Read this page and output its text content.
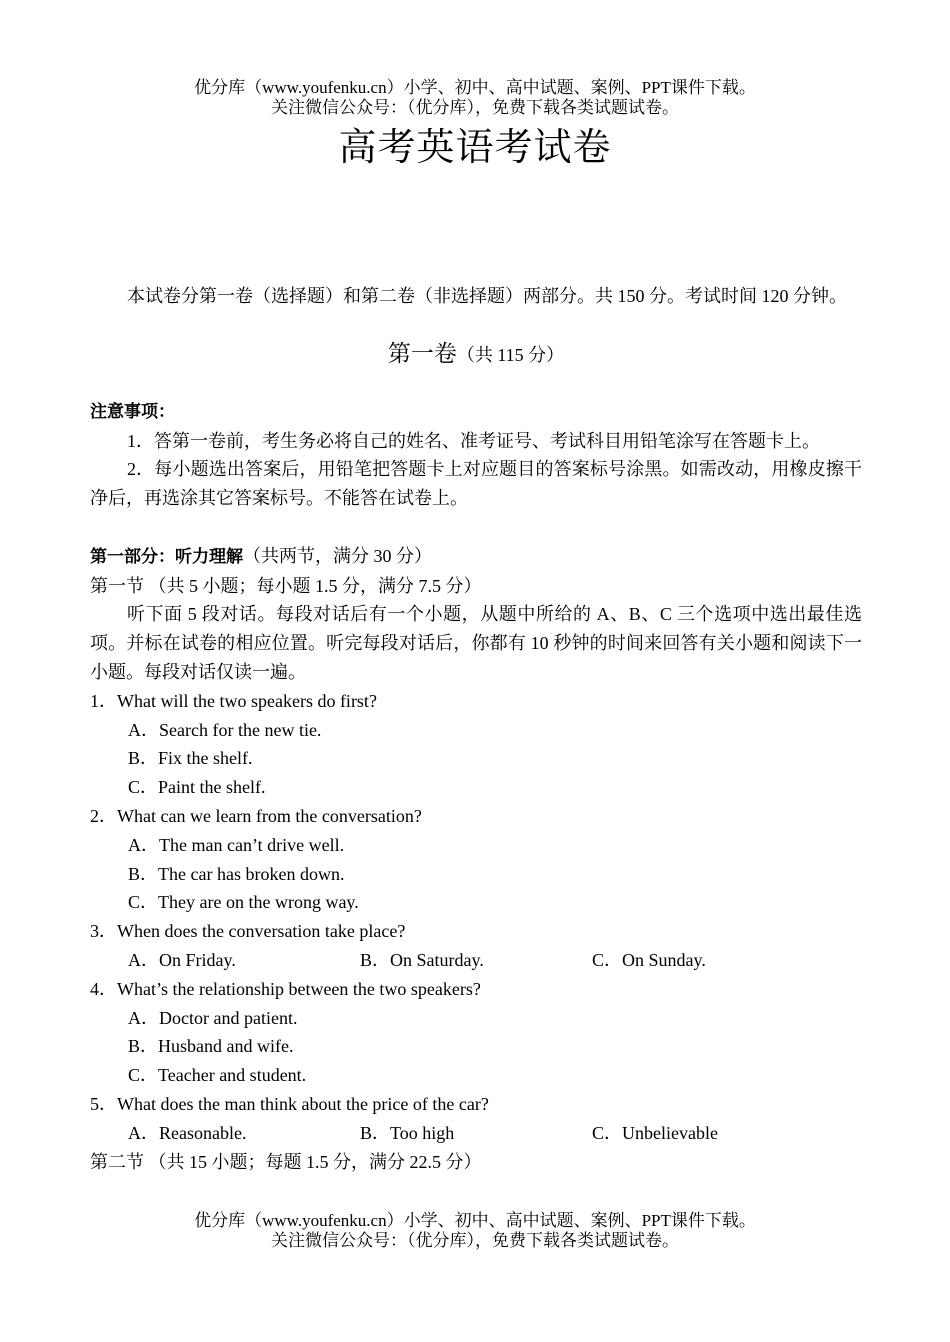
优分库（www.youfenku.cn）小学、初中、高中试题、案例、PPT课件下载。
关注微信公众号：（优分库），免费下载各类试题试卷。
高考英语考试卷

本试卷分第一卷（选择题）和第二卷（非选择题）两部分。共 150 分。考试时间 120 分钟。

第一卷（共 115 分）

注意事项：

1．答第一卷前，考生务必将自己的姓名、准考证号、考试科目用铅笔涂写在答题卡上。

2．每小题选出答案后，用铅笔把答题卡上对应题目的答案标号涂黑。如需改动，用橡皮擦干净后，再选涂其它答案标号。不能答在试卷上。

第一部分：听力理解（共两节，满分 30 分）

第一节 （共 5 小题；每小题 1.5 分，满分 7.5 分）

听下面 5 段对话。每段对话后有一个小题，从题中所给的 A、B、C 三个选项中选出最佳选项。并标在试卷的相应位置。听完每段对话后，你都有 10 秒钟的时间来回答有关小题和阅读下一小题。每段对话仅读一遍。

1．What will the two speakers do first?

A．Search for the new tie.

B．Fix the shelf.

C．Paint the shelf.

2．What can we learn from the conversation?

A．The man can’t drive well.

B．The car has broken down.

C．They are on the wrong way.

3．When does the conversation take place?

A．On Friday.	B．On Saturday.	C．On Sunday.

4．What’s the relationship between the two speakers?

A．Doctor and patient.

B．Husband and wife.

C．Teacher and student.

5．What does the man think about the price of the car?

A．Reasonable.	B．Too high	C．Unbelievable

第二节 （共 15 小题；每题 1.5 分，满分 22.5 分）

优分库（www.youfenku.cn）小学、初中、高中试题、案例、PPT课件下载。
关注微信公众号：（优分库），免费下载各类试题试卷。
